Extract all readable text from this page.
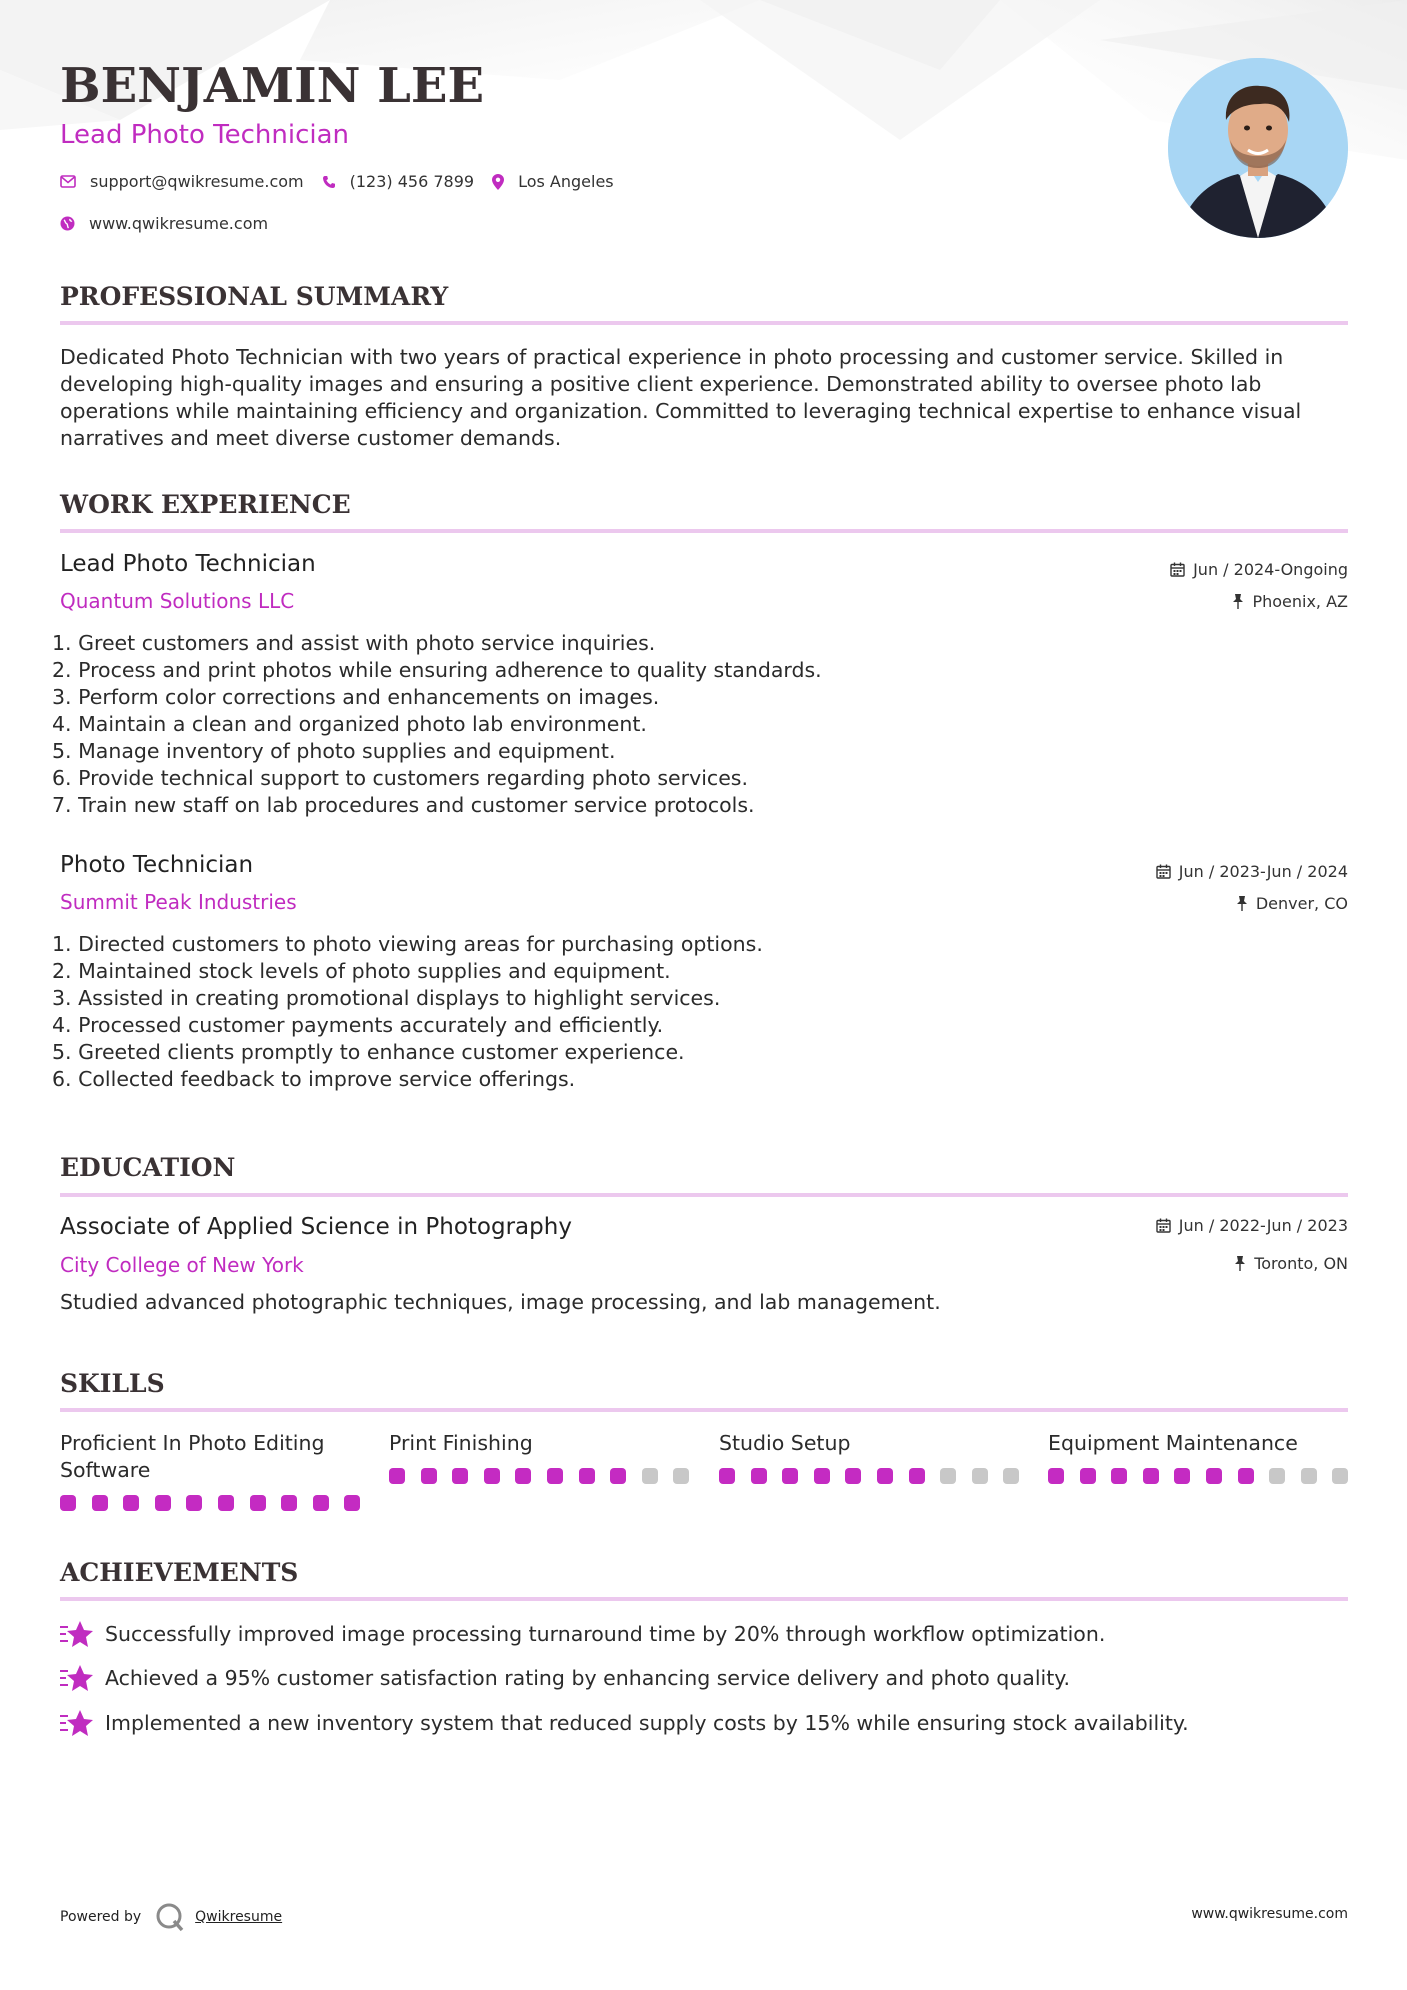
BENJAMIN LEE
Lead Photo Technician
support@qwikresume.com	(123) 456 7899	Los Angeles
www.qwikresume.com
PROFESSIONAL SUMMARY

Dedicated Photo Technician with two years of practical experience in photo processing and customer service. Skilled in developing high-quality images and ensuring a positive client experience. Demonstrated ability to oversee photo lab operations while maintaining efficiency and organization. Committed to leveraging technical expertise to enhance visual narratives and meet diverse customer demands.

WORK EXPERIENCE
Lead Photo Technician
Quantum Solutions LLC
Jun / 2024-Ongoing
Phoenix, AZ
1. Greet customers and assist with photo service inquiries.
2. Process and print photos while ensuring adherence to quality standards.
3. Perform color corrections and enhancements on images.
4. Maintain a clean and organized photo lab environment.
5. Manage inventory of photo supplies and equipment.
6. Provide technical support to customers regarding photo services.
7. Train new staff on lab procedures and customer service protocols.
Photo Technician
Summit Peak Industries
Jun / 2023-Jun / 2024
Denver, CO
1. Directed customers to photo viewing areas for purchasing options.
2. Maintained stock levels of photo supplies and equipment.
3. Assisted in creating promotional displays to highlight services.
4. Processed customer payments accurately and efficiently.
5. Greeted clients promptly to enhance customer experience.
6. Collected feedback to improve service offerings.
EDUCATION
Associate of Applied Science in Photography
City College of New York
Jun / 2022-Jun / 2023
Toronto, ON
Studied advanced photographic techniques, image processing, and lab management.
SKILLS
Proficient In Photo Editing Software
Print Finishing	Studio Setup	Equipment Maintenance
ACHIEVEMENTS
Successfully improved image processing turnaround time by 20% through workflow optimization.
Achieved a 95% customer satisfaction rating by enhancing service delivery and photo quality.
Implemented a new inventory system that reduced supply costs by 15% while ensuring stock availability.
Powered by	Qwikresume	www.qwikresume.com
